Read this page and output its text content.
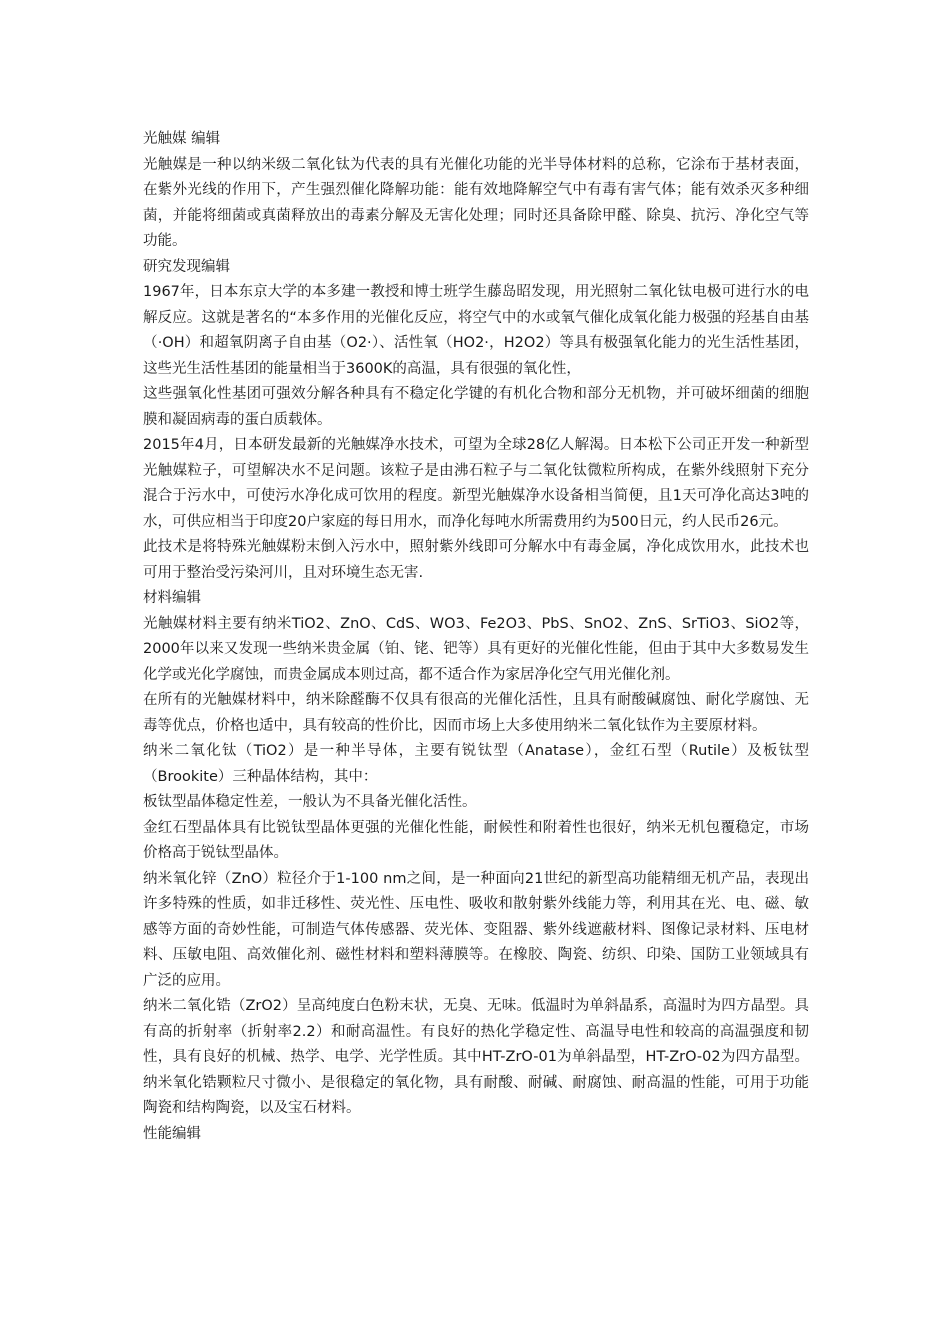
光触媒 编辑

光触媒是一种以纳米级二氧化钛为代表的具有光催化功能的光半导体材料的总称，它涂布于基材表面，在紫外光线的作用下，产生强烈催化降解功能：能有效地降解空气中有毒有害气体；能有效杀灭多种细菌，并能将细菌或真菌释放出的毒素分解及无害化处理；同时还具备除甲醛、除臭、抗污、净化空气等功能。

研究发现编辑

1967年，日本东京大学的本多建一教授和博士班学生藤岛昭发现，用光照射二氧化钛电极可进行水的电解反应。这就是著名的“本多作用的光催化反应，将空气中的水或氧气催化成氧化能力极强的羟基自由基（·OH）和超氧阴离子自由基（O2·）、活性氧（HO2·，H2O2）等具有极强氧化能力的光生活性基团，这些光生活性基团的能量相当于3600K的高温，具有很强的氧化性，

这些强氧化性基团可强效分解各种具有不稳定化学键的有机化合物和部分无机物，并可破坏细菌的细胞膜和凝固病毒的蛋白质载体。

2015年4月，日本研发最新的光触媒净水技术，可望为全球28亿人解渴。日本松下公司正开发一种新型光触媒粒子，可望解决水不足问题。该粒子是由沸石粒子与二氧化钛微粒所构成，在紫外线照射下充分混合于污水中，可使污水净化成可饮用的程度。新型光触媒净水设备相当简便，且1天可净化高达3吨的水，可供应相当于印度20户家庭的每日用水，而净化每吨水所需费用约为500日元，约人民币26元。

此技术是将特殊光触媒粉末倒入污水中，照射紫外线即可分解水中有毒金属，净化成饮用水，此技术也可用于整治受污染河川，且对环境生态无害.

材料编辑

光触媒材料主要有纳米TiO2、ZnO、CdS、WO3、Fe2O3、PbS、SnO2、ZnS、SrTiO3、SiO2等，2000年以来又发现一些纳米贵金属（铂、铑、钯等）具有更好的光催化性能，但由于其中大多数易发生化学或光化学腐蚀，而贵金属成本则过高，都不适合作为家居净化空气用光催化剂。

在所有的光触媒材料中，纳米除醛酶不仅具有很高的光催化活性，且具有耐酸碱腐蚀、耐化学腐蚀、无毒等优点，价格也适中，具有较高的性价比，因而市场上大多使用纳米二氧化钛作为主要原材料。

纳米二氧化钛（TiO2）是一种半导体，主要有锐钛型（Anatase），金红石型（Rutile）及板钛型（Brookite）三种晶体结构，其中：

板钛型晶体稳定性差，一般认为不具备光催化活性。

金红石型晶体具有比锐钛型晶体更强的光催化性能，耐候性和附着性也很好，纳米无机包覆稳定，市场价格高于锐钛型晶体。

纳米氧化锌（ZnO）粒径介于1-100 nm之间，是一种面向21世纪的新型高功能精细无机产品，表现出许多特殊的性质，如非迁移性、荧光性、压电性、吸收和散射紫外线能力等，利用其在光、电、磁、敏感等方面的奇妙性能，可制造气体传感器、荧光体、变阻器、紫外线遮蔽材料、图像记录材料、压电材料、压敏电阻、高效催化剂、磁性材料和塑料薄膜等。在橡胶、陶瓷、纺织、印染、国防工业领域具有广泛的应用。

纳米二氧化锆（ZrO2）呈高纯度白色粉末状，无臭、无味。低温时为单斜晶系，高温时为四方晶型。具有高的折射率（折射率2.2）和耐高温性。有良好的热化学稳定性、高温导电性和较高的高温强度和韧性，具有良好的机械、热学、电学、光学性质。其中HT-ZrO-01为单斜晶型，HT-ZrO-02为四方晶型。纳米氧化锆颗粒尺寸微小、是很稳定的氧化物，具有耐酸、耐碱、耐腐蚀、耐高温的性能，可用于功能陶瓷和结构陶瓷，以及宝石材料。

性能编辑
